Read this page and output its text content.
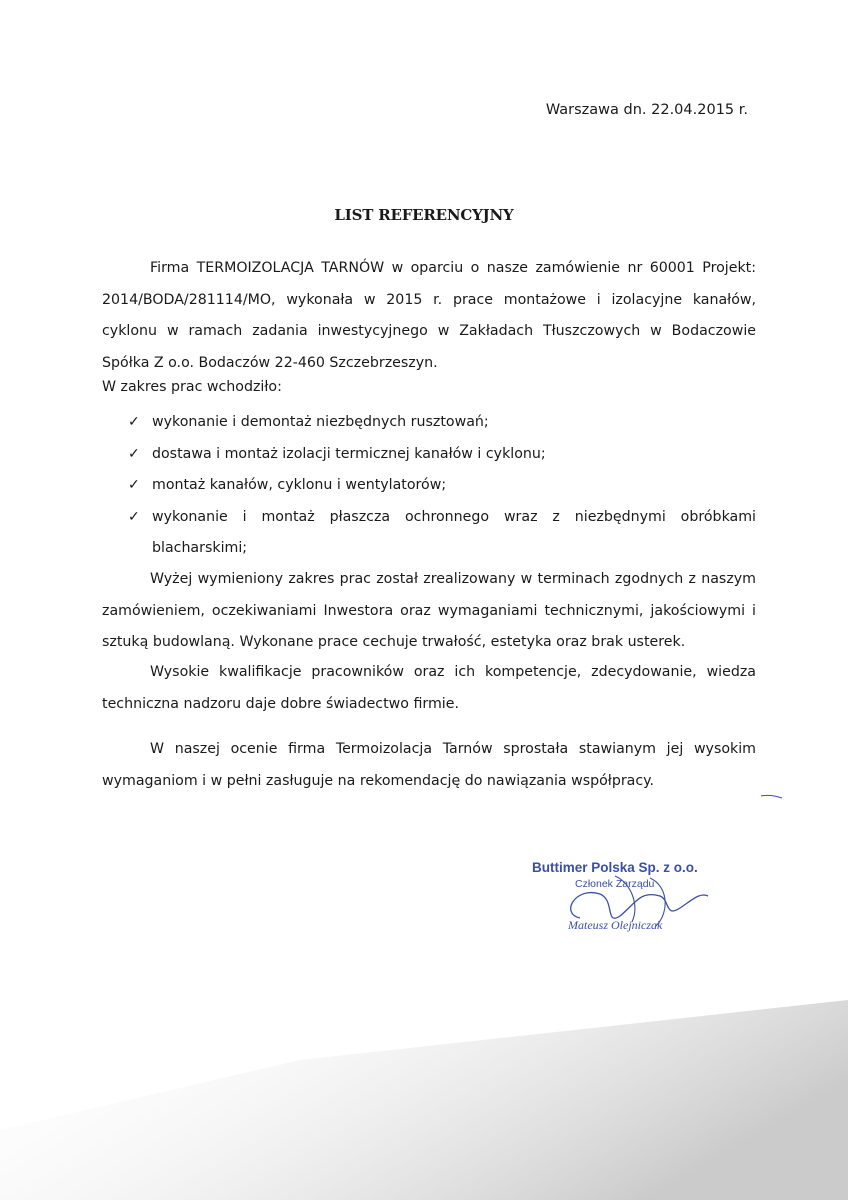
Warszawa dn. 22.04.2015 r.
LIST REFERENCYJNY
Firma TERMOIZOLACJA TARNÓW w oparciu o nasze zamówienie nr 60001 Projekt: 2014/BODA/281114/MO, wykonała w 2015 r. prace montażowe i izolacyjne kanałów, cyklonu w ramach zadania inwestycyjnego w Zakładach Tłuszczowych w Bodaczowie Spółka Z o.o. Bodaczów 22-460 Szczebrzeszyn.
W zakres prac wchodziło:
✓ wykonanie i demontaż niezbędnych rusztowań;
✓ dostawa i montaż izolacji termicznej kanałów i cyklonu;
✓ montaż kanałów, cyklonu i wentylatorów;
✓ wykonanie i montaż płaszcza ochronnego wraz z niezbędnymi obróbkami blacharskimi;
Wyżej wymieniony zakres prac został zrealizowany w terminach zgodnych z naszym zamówieniem, oczekiwaniami Inwestora oraz wymaganiami technicznymi, jakościowymi i sztuką budowlaną. Wykonane prace cechuje trwałość, estetyka oraz brak usterek.
Wysokie kwalifikacje pracowników oraz ich kompetencje, zdecydowanie, wiedza techniczna nadzoru daje dobre świadectwo firmie.
W naszej ocenie firma Termoizolacja Tarnów sprostała stawianym jej wysokim wymaganiom i w pełni zasługuje na rekomendację do nawiązania współpracy.
Buttimer Polska Sp. z o.o.
Członek Zarządu
Mateusz Olejniczak
